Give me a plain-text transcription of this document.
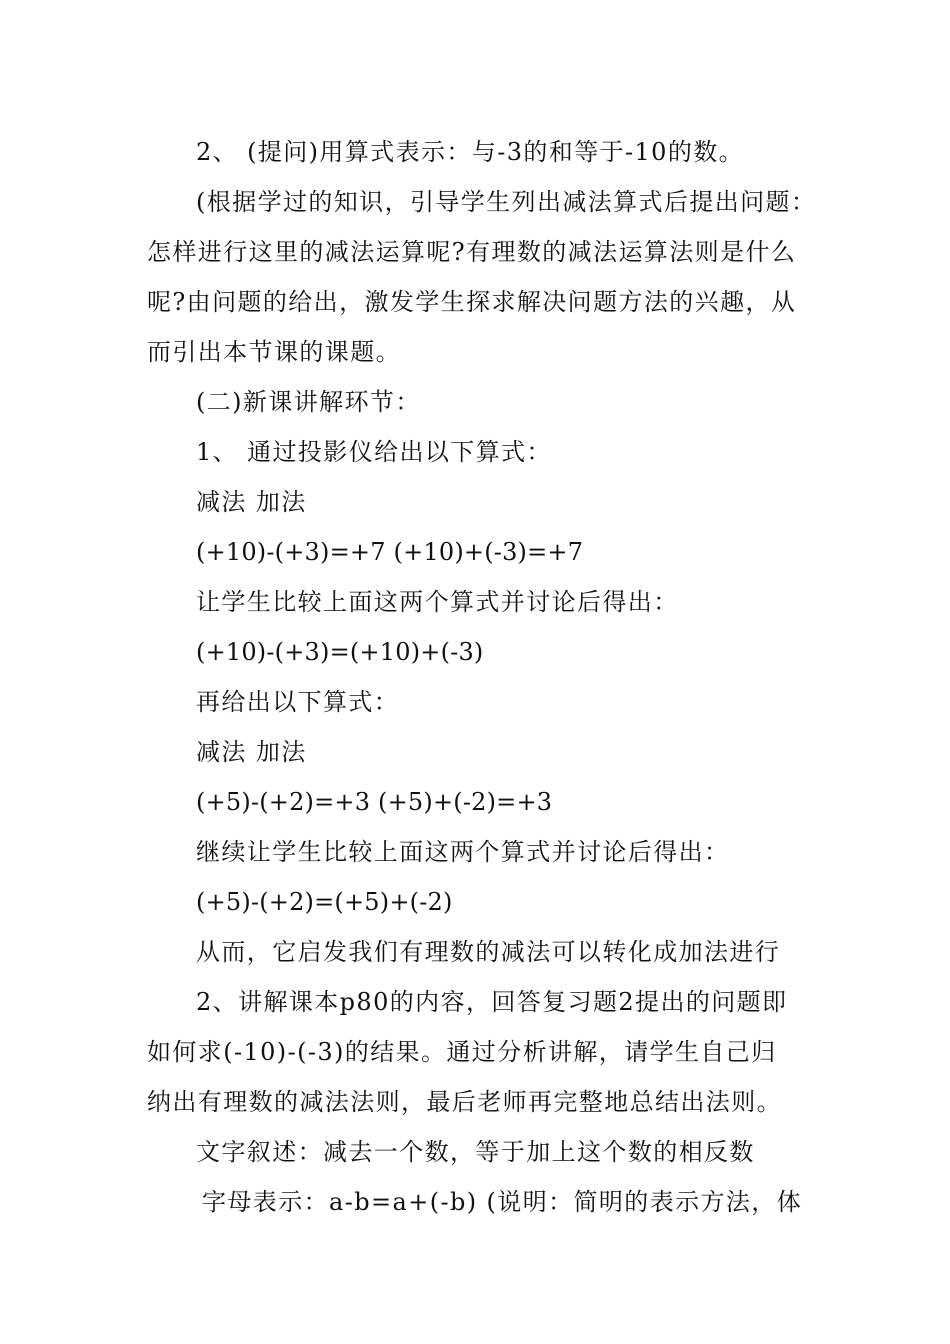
2、 (提问)用算式表示：与-3的和等于-10的数。
(根据学过的知识，引导学生列出减法算式后提出问题：
怎样进行这里的减法运算呢?有理数的减法运算法则是什么
呢?由问题的给出，激发学生探求解决问题方法的兴趣，从
而引出本节课的课题。
(二)新课讲解环节：
1、 通过投影仪给出以下算式：
减法 加法
(+10)-(+3)=+7 (+10)+(-3)=+7
让学生比较上面这两个算式并讨论后得出：
(+10)-(+3)=(+10)+(-3)
再给出以下算式：
减法 加法
(+5)-(+2)=+3 (+5)+(-2)=+3
继续让学生比较上面这两个算式并讨论后得出：
(+5)-(+2)=(+5)+(-2)
从而，它启发我们有理数的减法可以转化成加法进行
2、讲解课本p80的内容，回答复习题2提出的问题即
如何求(-10)-(-3)的结果。通过分析讲解，请学生自己归
纳出有理数的减法法则，最后老师再完整地总结出法则。
文字叙述：减去一个数，等于加上这个数的相反数
字母表示：a-b=a+(-b) (说明：简明的表示方法，体
